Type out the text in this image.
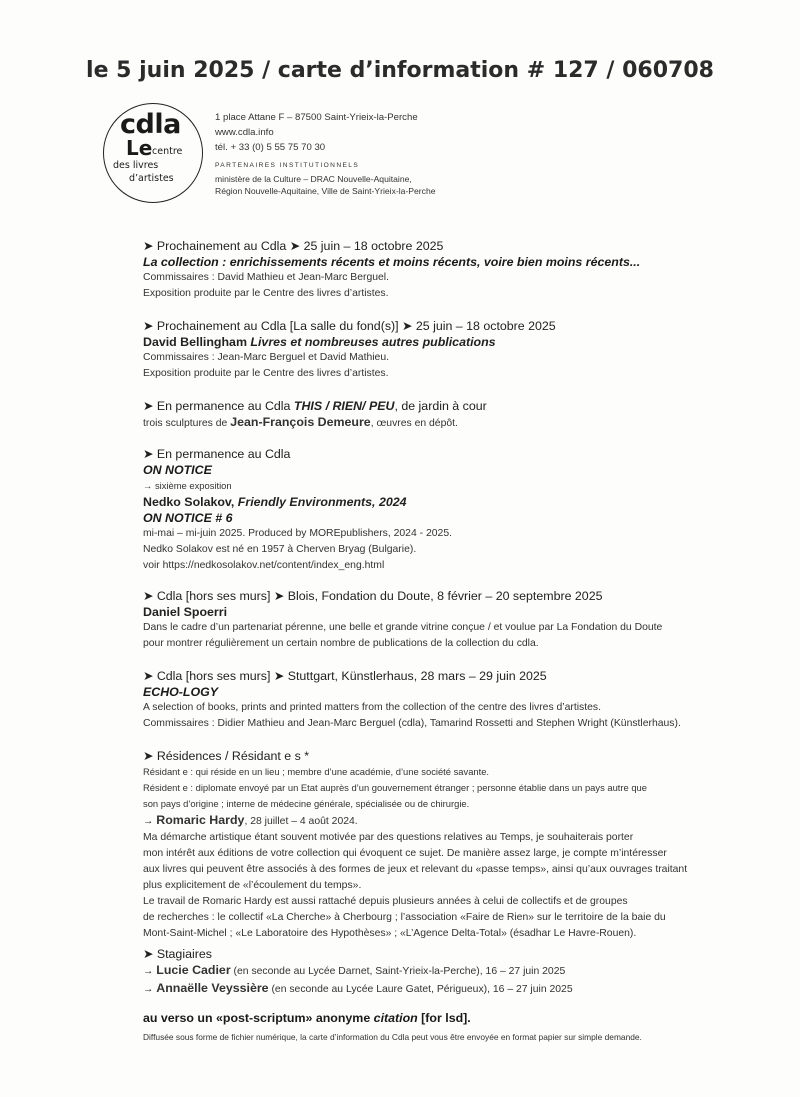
le 5 juin 2025 / carte d’information # 127 / 060708
cdla
Le centre
des livres
d’artistes
1 place Attane F – 87500 Saint-Yrieix-la-Perche
www.cdla.info
tél. + 33 (0) 5 55 75 70 30
PARTENAIRES INSTITUTIONNELS
ministère de la Culture – DRAC Nouvelle-Aquitaine,
Région Nouvelle-Aquitaine, Ville de Saint-Yrieix-la-Perche
➤ Prochainement au Cdla ➤ 25 juin – 18 octobre 2025
La collection : enrichissements récents et moins récents, voire bien moins récents...
Commissaires : David Mathieu et Jean-Marc Berguel.
Exposition produite par le Centre des livres d’artistes.
➤ Prochainement au Cdla [La salle du fond(s)] ➤ 25 juin – 18 octobre 2025
David Bellingham Livres et nombreuses autres publications
Commissaires : Jean-Marc Berguel et David Mathieu.
Exposition produite par le Centre des livres d’artistes.
➤ En permanence au Cdla THIS / RIEN/ PEU, de jardin à cour
trois sculptures de Jean-François Demeure, œuvres en dépôt.
➤ En permanence au Cdla
ON NOTICE
→ sixième exposition
Nedko Solakov, Friendly Environments, 2024
ON NOTICE # 6
mi-mai – mi-juin 2025. Produced by MOREpublishers, 2024 - 2025.
Nedko Solakov est né en 1957 à Cherven Bryag (Bulgarie).
voir https://nedkosolakov.net/content/index_eng.html
➤ Cdla [hors ses murs] ➤ Blois, Fondation du Doute, 8 février – 20 septembre 2025
Daniel Spoerri
Dans le cadre d’un partenariat pérenne, une belle et grande vitrine conçue / et voulue par La Fondation du Doute
pour montrer régulièrement un certain nombre de publications de la collection du cdla.
➤ Cdla [hors ses murs] ➤ Stuttgart, Künstlerhaus, 28 mars – 29 juin 2025
ECHO-LOGY
A selection of books, prints and printed matters from the collection of the centre des livres d’artistes.
Commissaires : Didier Mathieu and Jean-Marc Berguel (cdla), Tamarind Rossetti and Stephen Wright (Künstlerhaus).
➤ Résidences / Résidant e s *
Résidant e : qui réside en un lieu ; membre d’une académie, d’une société savante.
Résident e : diplomate envoyé par un Etat auprès d’un gouvernement étranger ; personne établie dans un pays autre que
son pays d’origine ; interne de médecine générale, spécialisée ou de chirurgie.
→ Romaric Hardy, 28 juillet – 4 août 2024.
Ma démarche artistique étant souvent motivée par des questions relatives au Temps, je souhaiterais porter
mon intérêt aux éditions de votre collection qui évoquent ce sujet. De manière assez large, je compte m’intéresser
aux livres qui peuvent être associés à des formes de jeux et relevant du «passe temps», ainsi qu’aux ouvrages traitant
plus explicitement de «l’écoulement du temps».
Le travail de Romaric Hardy est aussi rattaché depuis plusieurs années à celui de collectifs et de groupes
de recherches : le collectif «La Cherche» à Cherbourg ; l’association «Faire de Rien» sur le territoire de la baie du
Mont-Saint-Michel ; «Le Laboratoire des Hypothèses» ; «L’Agence Delta-Total» (ésadhar Le Havre-Rouen).
➤ Stagiaires
→ Lucie Cadier (en seconde au Lycée Darnet, Saint-Yrieix-la-Perche), 16 – 27 juin 2025
→ Annaëlle Veyssière (en seconde au Lycée Laure Gatet, Périgueux), 16 – 27 juin 2025
au verso un «post-scriptum» anonyme citation [for lsd].
Diffusée sous forme de fichier numérique, la carte d’information du Cdla peut vous être envoyée en format papier sur simple demande.
